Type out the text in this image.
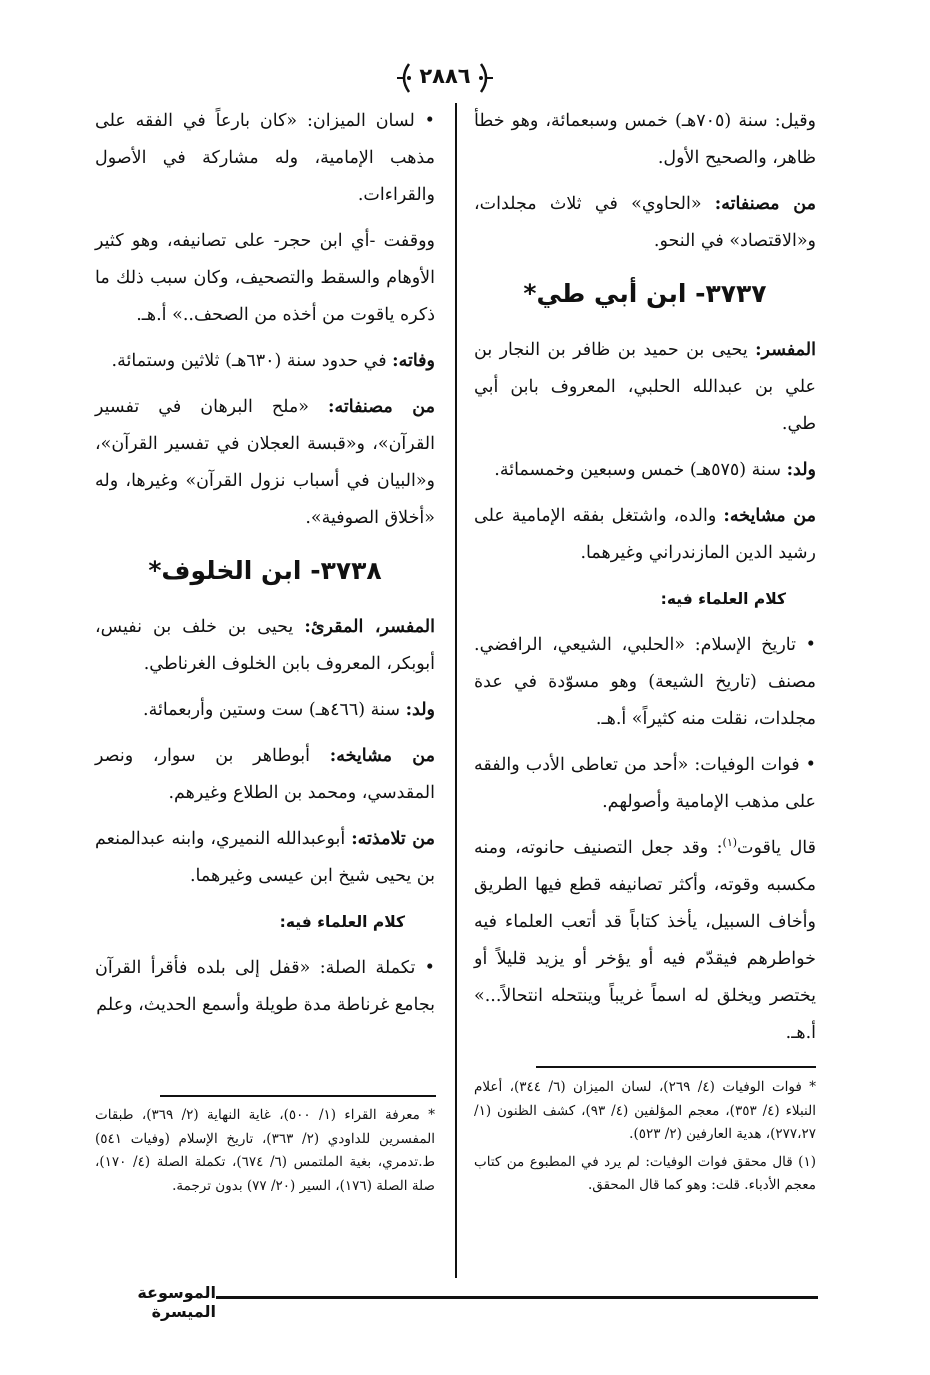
٢٨٨٦

وقيل: سنة (٧٠٥هـ) خمس وسبعمائة، وهو خطأ ظاهر، والصحيح الأول.

من مصنفاته: «الحاوي» في ثلاث مجلدات، و«الاقتصاد» في النحو.

٣٧٣٧- ابن أبي طي*

المفسر: يحيى بن حميد بن ظافر بن النجار بن علي بن عبدالله الحلبي، المعروف بابن أبي طي.

ولد: سنة (٥٧٥هـ) خمس وسبعين وخمسمائة.

من مشايخه: والده، واشتغل بفقه الإمامية على رشيد الدين المازندراني وغيرهما.

كلام العلماء فيه:

• تاريخ الإسلام: «الحلبي، الشيعي، الرافضي. مصنف (تاريخ الشيعة) وهو مسوّدة في عدة مجلدات، نقلت منه كثيراً» أ.هـ.

• فوات الوفيات: «أحد من تعاطى الأدب والفقه على مذهب الإمامية وأصولهم.

قال ياقوت$^{(١)}$: وقد جعل التصنيف حانوته، ومنه مكسبه وقوته، وأكثر تصانيفه قطع فيها الطريق وأخاف السبيل، يأخذ كتاباً قد أتعب العلماء فيه خواطرهم فيقدّم فيه أو يؤخر أو يزيد قليلاً أو يختصر ويخلق له اسماً غريباً وينتحله انتحالاً...» أ.هـ.

• لسان الميزان: «كان بارعاً في الفقه على مذهب الإمامية، وله مشاركة في الأصول والقراءات.

ووقفت -أي ابن حجر- على تصانيفه، وهو كثير الأوهام والسقط والتصحيف، وكان سبب ذلك ما ذكره ياقوت من أخذه من الصحف..» أ.هـ.

وفاته: في حدود سنة (٦٣٠هـ) ثلاثين وستمائة.

من مصنفاته: «ملح البرهان في تفسير القرآن»، و«قبسة العجلان في تفسير القرآن»، و«البيان في أسباب نزول القرآن» وغيرها، وله «أخلاق الصوفية».

٣٧٣٨- ابن الخلوف*

المفسر، المقرئ: يحيى بن خلف بن نفيس، أبوبكر، المعروف بابن الخلوف الغرناطي.

ولد: سنة (٤٦٦هـ) ست وستين وأربعمائة.

من مشايخه: أبوطاهر بن سوار، ونصر المقدسي، ومحمد بن الطلاع وغيرهم.

من تلامذته: أبوعبدالله النميري، وابنه عبدالمنعم بن يحيى شيخ ابن عيسى وغيرهما.

كلام العلماء فيه:

• تكملة الصلة: «قفل إلى بلده فأقرأ القرآن بجامع غرناطة مدة طويلة وأسمع الحديث، وعلم

* فوات الوفيات (٤/ ٢٦٩)، لسان الميزان (٦/ ٣٤٤)، أعلام النبلاء (٤/ ٣٥٣)، معجم المؤلفين (٤/ ٩٣)، كشف الظنون (١/ ٢٧٧،٢٧)، هدية العارفين (٢/ ٥٢٣).

(١) قال محقق فوات الوفيات: لم يرد في المطبوع من كتاب معجم الأدباء. قلت: وهو كما قال المحقق.

* معرفة القراء (١/ ٥٠٠)، غاية النهاية (٢/ ٣٦٩)، طبقات المفسرين للداودي (٢/ ٣٦٣)، تاريخ الإسلام (وفيات ٥٤١) ط.تدمري، بغية الملتمس (٦/ ٦٧٤)، تكملة الصلة (٤/ ١٧٠)، صلة الصلة (١٧٦)، السير (٢٠/ ٧٧) بدون ترجمة.

الموسوعة الميسرة
